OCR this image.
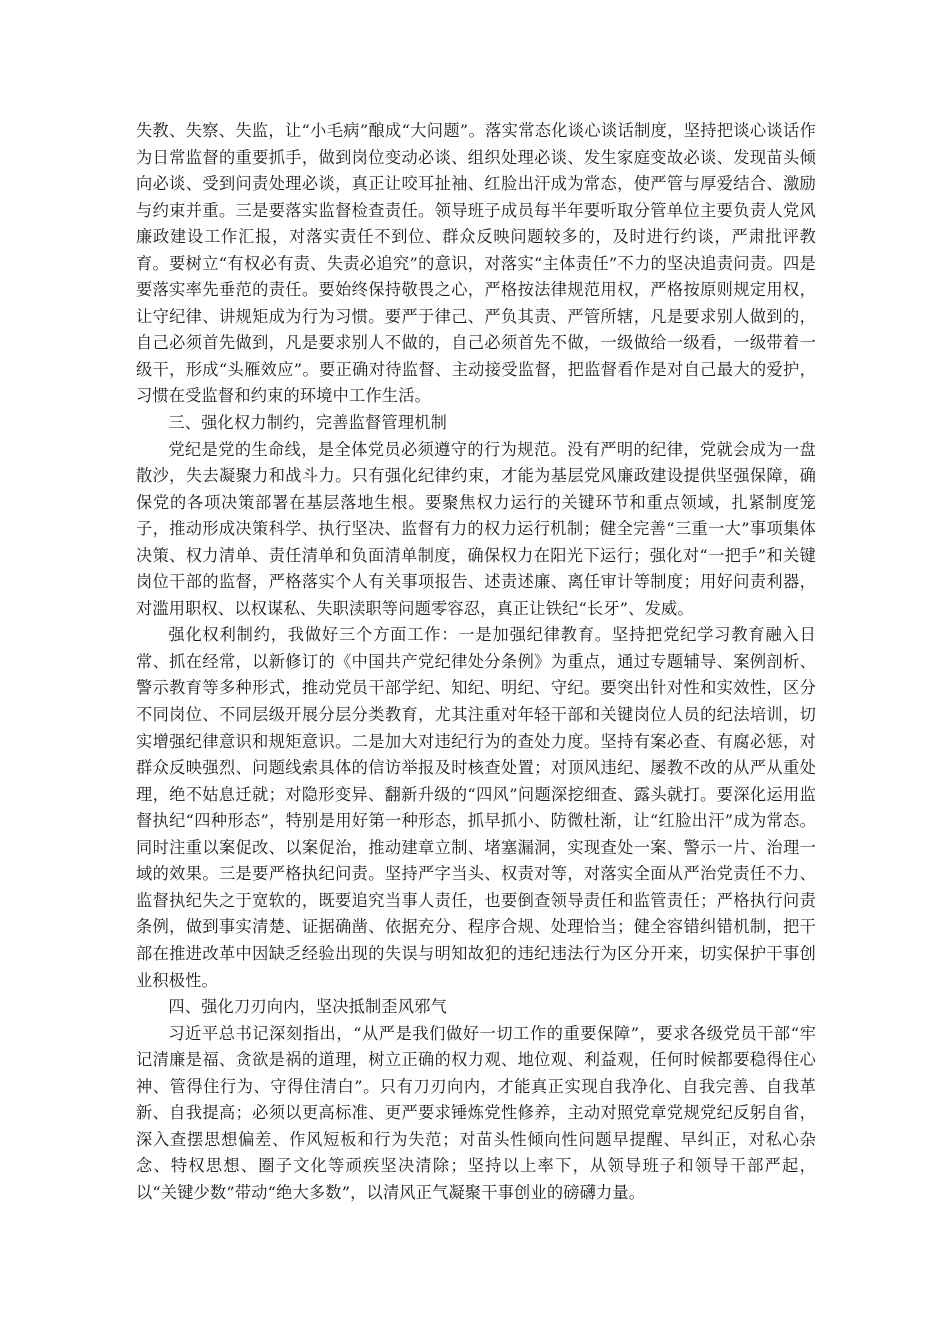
失教、失察、失监，让“小毛病”酿成“大问题”。落实常态化谈心谈话制度，坚持把谈心谈话作为日常监督的重要抓手，做到岗位变动必谈、组织处理必谈、发生家庭变故必谈、发现苗头倾向必谈、受到问责处理必谈，真正让咬耳扯袖、红脸出汗成为常态，使严管与厚爱结合、激励与约束并重。三是要落实监督检查责任。领导班子成员每半年要听取分管单位主要负责人党风廉政建设工作汇报，对落实责任不到位、群众反映问题较多的，及时进行约谈，严肃批评教育。要树立“有权必有责、失责必追究”的意识，对落实“主体责任”不力的坚决追责问责。四是要落实率先垂范的责任。要始终保持敬畏之心，严格按法律规范用权，严格按原则规定用权，让守纪律、讲规矩成为行为习惯。要严于律己、严负其责、严管所辖，凡是要求别人做到的，自己必须首先做到，凡是要求别人不做的，自己必须首先不做，一级做给一级看，一级带着一级干，形成“头雁效应”。要正确对待监督、主动接受监督，把监督看作是对自己最大的爱护，习惯在受监督和约束的环境中工作生活。

三、强化权力制约，完善监督管理机制

党纪是党的生命线，是全体党员必须遵守的行为规范。没有严明的纪律，党就会成为一盘散沙，失去凝聚力和战斗力。只有强化纪律约束，才能为基层党风廉政建设提供坚强保障，确保党的各项决策部署在基层落地生根。要聚焦权力运行的关键环节和重点领域，扎紧制度笼子，推动形成决策科学、执行坚决、监督有力的权力运行机制；健全完善“三重一大”事项集体决策、权力清单、责任清单和负面清单制度，确保权力在阳光下运行；强化对“一把手”和关键岗位干部的监督，严格落实个人有关事项报告、述责述廉、离任审计等制度；用好问责利器，对滥用职权、以权谋私、失职渎职等问题零容忍，真正让铁纪“长牙”、发威。

强化权利制约，我做好三个方面工作：一是加强纪律教育。坚持把党纪学习教育融入日常、抓在经常，以新修订的《中国共产党纪律处分条例》为重点，通过专题辅导、案例剖析、警示教育等多种形式，推动党员干部学纪、知纪、明纪、守纪。要突出针对性和实效性，区分不同岗位、不同层级开展分层分类教育，尤其注重对年轻干部和关键岗位人员的纪法培训，切实增强纪律意识和规矩意识。二是加大对违纪行为的查处力度。坚持有案必查、有腐必惩，对群众反映强烈、问题线索具体的信访举报及时核查处置；对顶风违纪、屡教不改的从严从重处理，绝不姑息迁就；对隐形变异、翻新升级的“四风”问题深挖细查、露头就打。要深化运用监督执纪“四种形态”，特别是用好第一种形态，抓早抓小、防微杜渐，让“红脸出汗”成为常态。同时注重以案促改、以案促治，推动建章立制、堵塞漏洞，实现查处一案、警示一片、治理一域的效果。三是要严格执纪问责。坚持严字当头、权责对等，对落实全面从严治党责任不力、监督执纪失之于宽软的，既要追究当事人责任，也要倒查领导责任和监管责任；严格执行问责条例，做到事实清楚、证据确凿、依据充分、程序合规、处理恰当；健全容错纠错机制，把干部在推进改革中因缺乏经验出现的失误与明知故犯的违纪违法行为区分开来，切实保护干事创业积极性。

四、强化刀刃向内，坚决抵制歪风邪气

习近平总书记深刻指出，“从严是我们做好一切工作的重要保障”，要求各级党员干部“牢记清廉是福、贪欲是祸的道理，树立正确的权力观、地位观、利益观，任何时候都要稳得住心神、管得住行为、守得住清白”。只有刀刃向内，才能真正实现自我净化、自我完善、自我革新、自我提高；必须以更高标准、更严要求锤炼党性修养，主动对照党章党规党纪反躬自省，深入查摆思想偏差、作风短板和行为失范；对苗头性倾向性问题早提醒、早纠正，对私心杂念、特权思想、圈子文化等顽疾坚决清除；坚持以上率下，从领导班子和领导干部严起，以“关键少数”带动“绝大多数”，以清风正气凝聚干事创业的磅礴力量。
